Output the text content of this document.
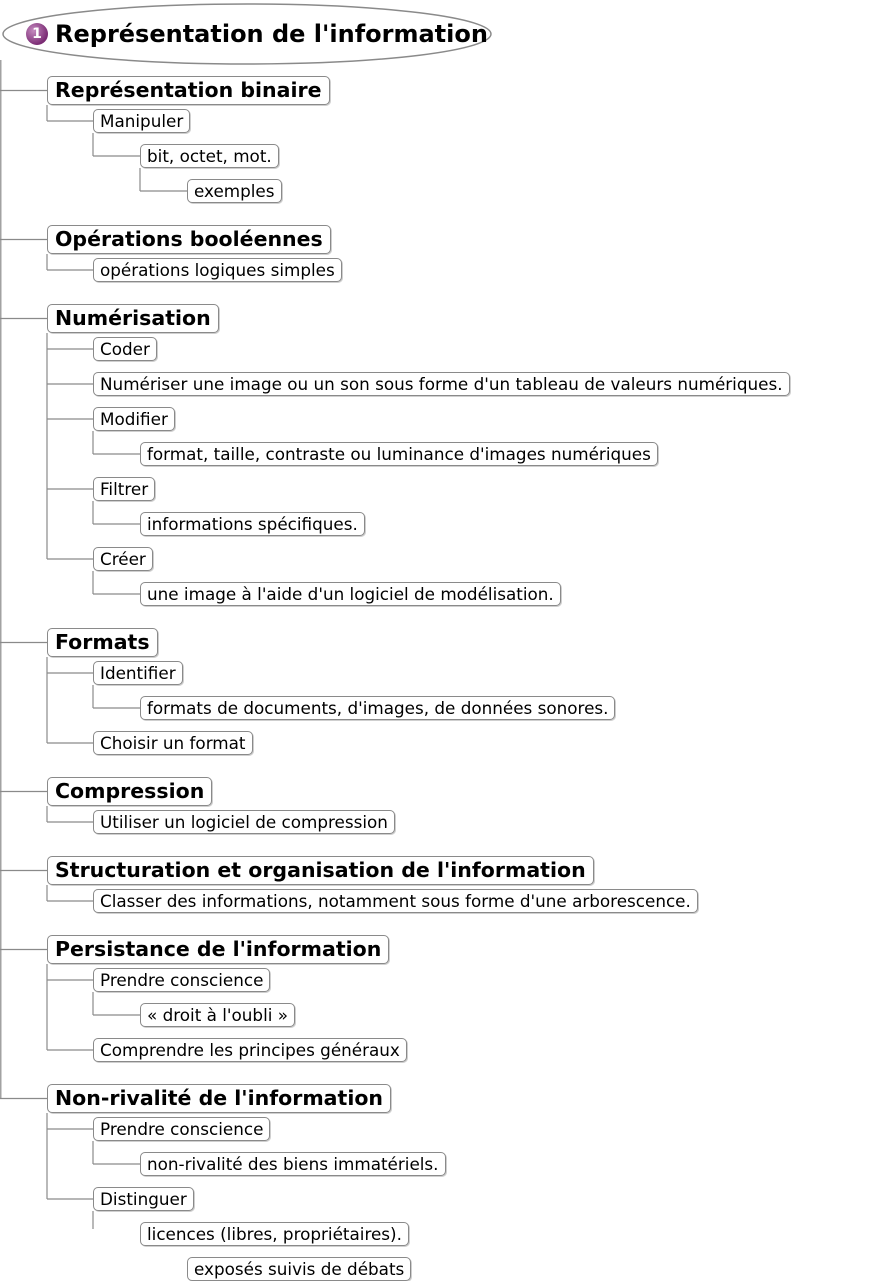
1 Représentation de l'information
Représentation binaire
Manipuler
bit, octet, mot.
exemples
Opérations booléennes
opérations logiques simples
Numérisation
Coder
Numériser une image ou un son sous forme d'un tableau de valeurs numériques.
Modifier
format, taille, contraste ou luminance d'images numériques
Filtrer
informations spécifiques.
Créer
une image à l'aide d'un logiciel de modélisation.
Formats
Identifier
formats de documents, d'images, de données sonores.
Choisir un format
Compression
Utiliser un logiciel de compression
Structuration et organisation de l'information
Classer des informations, notamment sous forme d'une arborescence.
Persistance de l'information
Prendre conscience
« droit à l'oubli »
Comprendre les principes généraux
Non-rivalité de l'information
Prendre conscience
non-rivalité des biens immatériels.
Distinguer
licences (libres, propriétaires).
exposés suivis de débats
